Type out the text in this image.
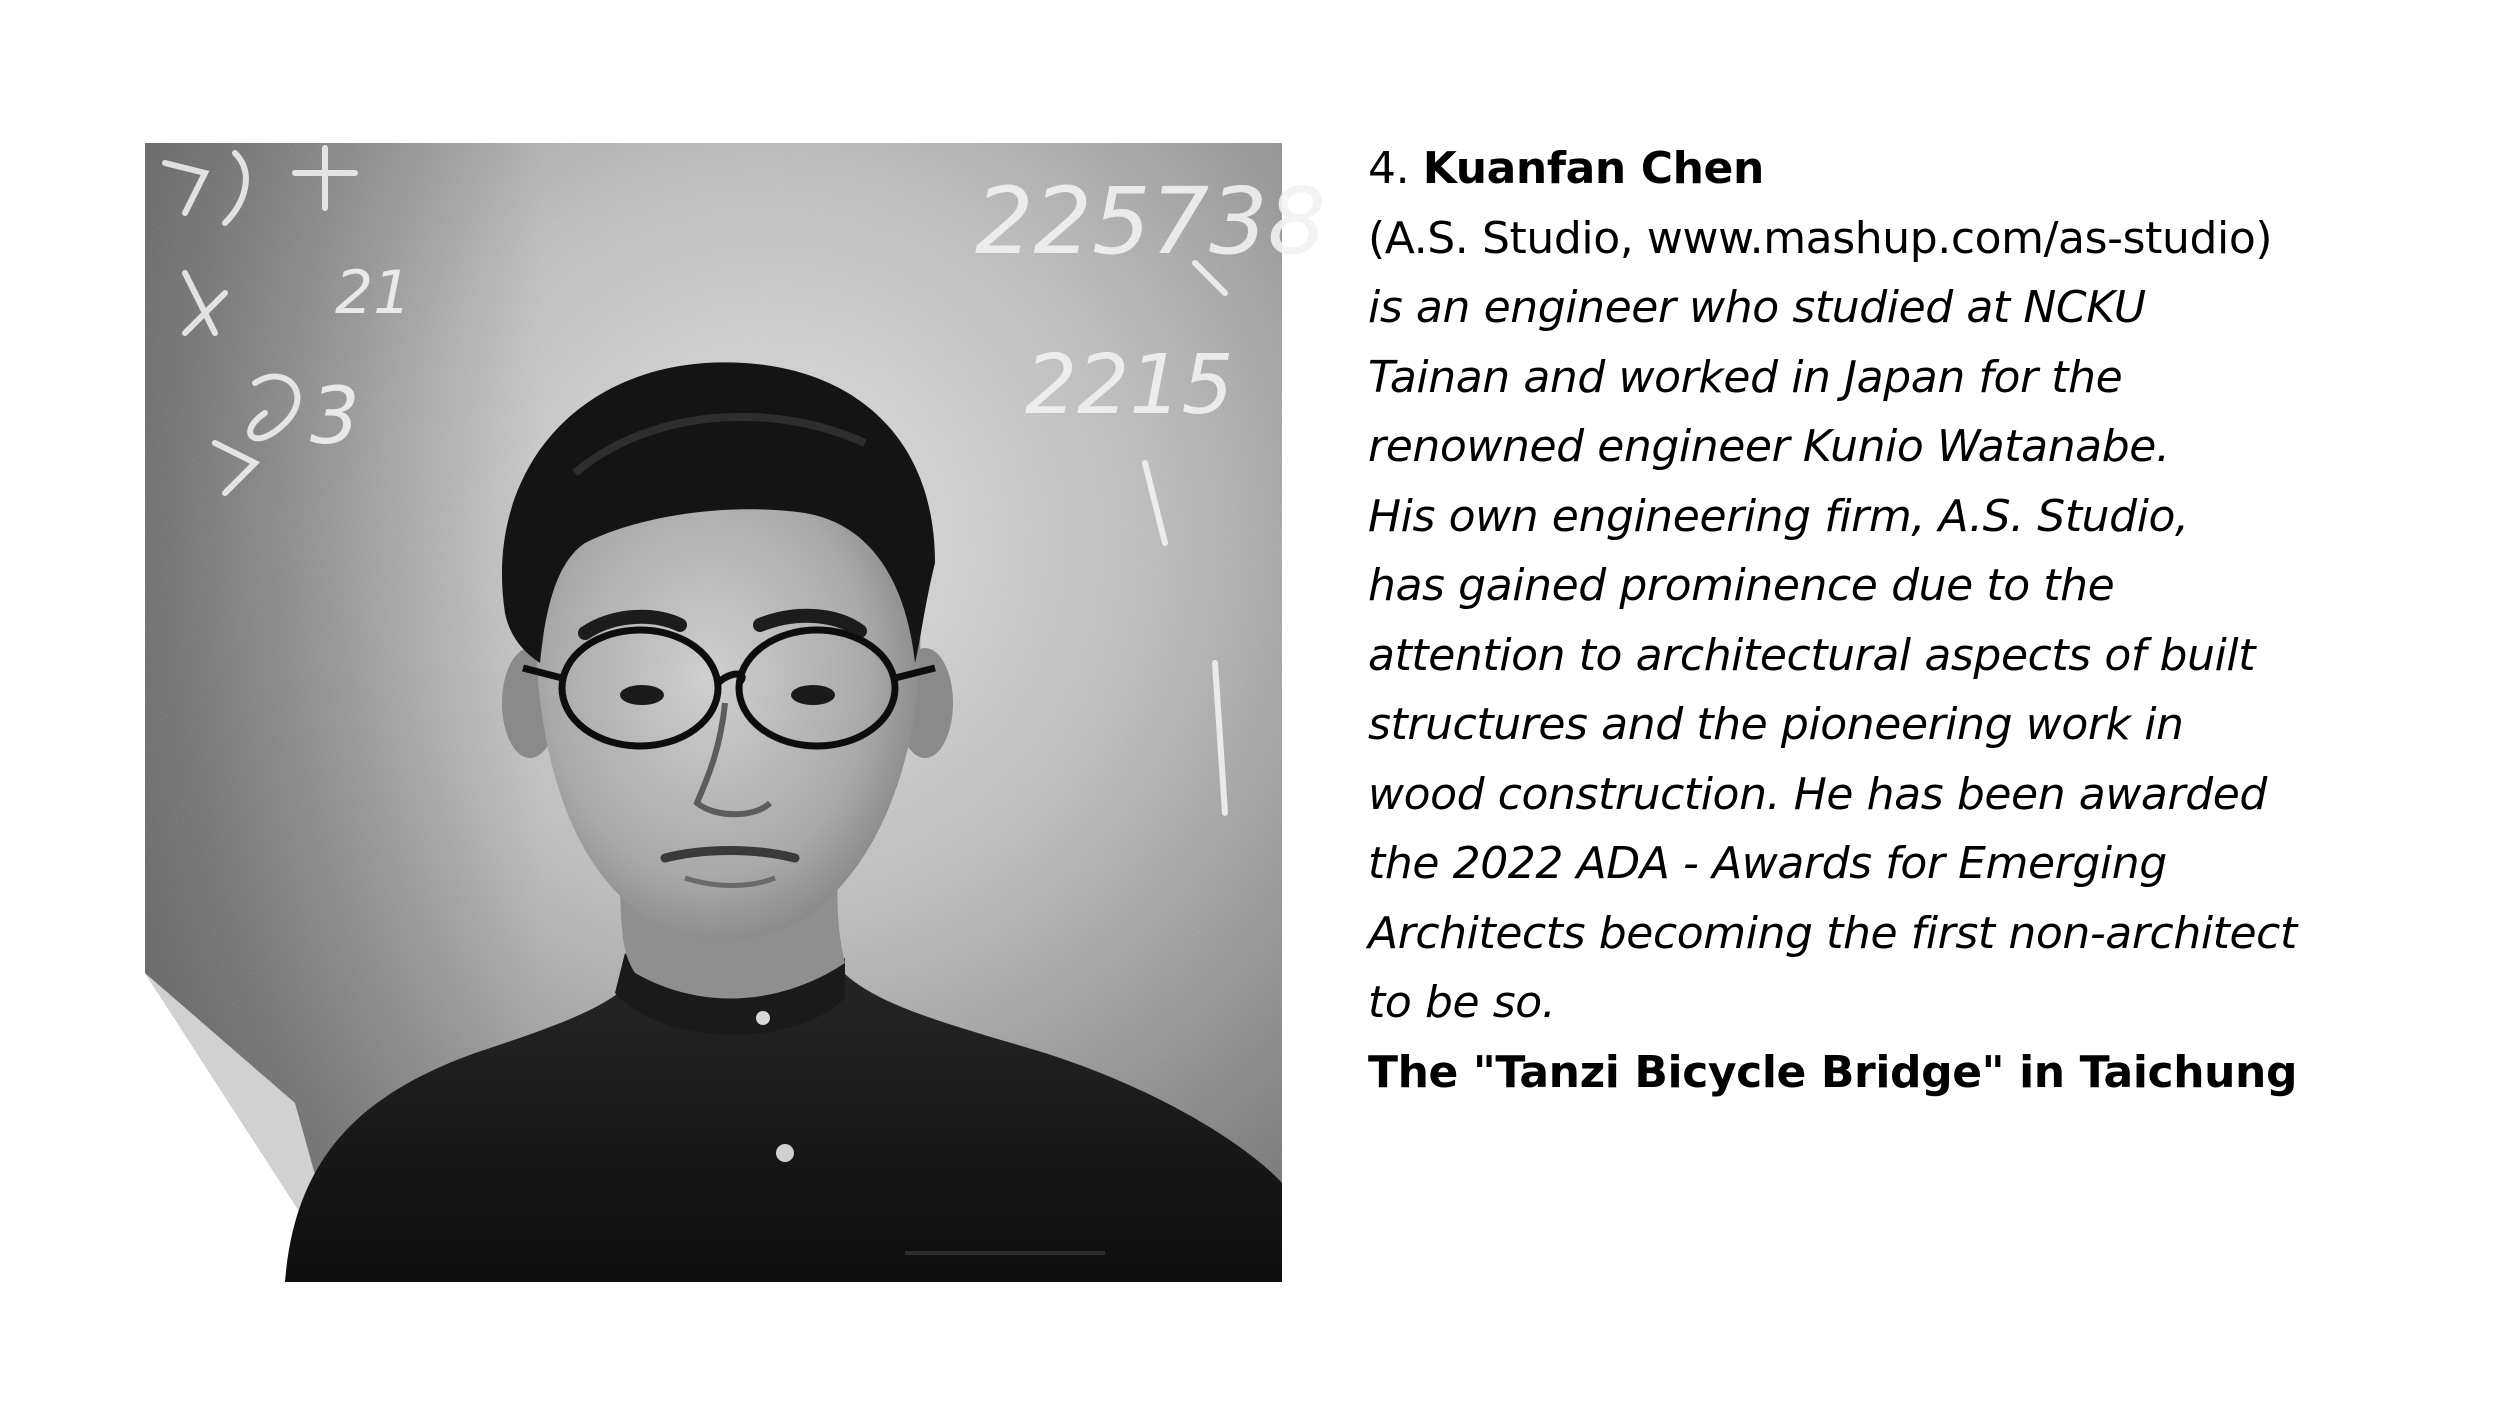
225738
2215
3
21
4. Kuanfan Chen
(A.S. Studio, www.mashup.com/as-studio)
is an engineer who studied at NCKU
Tainan and worked in Japan for the
renowned engineer Kunio Watanabe.
His own engineering firm, A.S. Studio,
has gained prominence due to the
attention to architectural aspects of built
structures and the pioneering work in
wood construction. He has been awarded
the 2022 ADA - Awards for Emerging
Architects becoming the first non-architect
to be so.
The "Tanzi Bicycle Bridge" in Taichung
